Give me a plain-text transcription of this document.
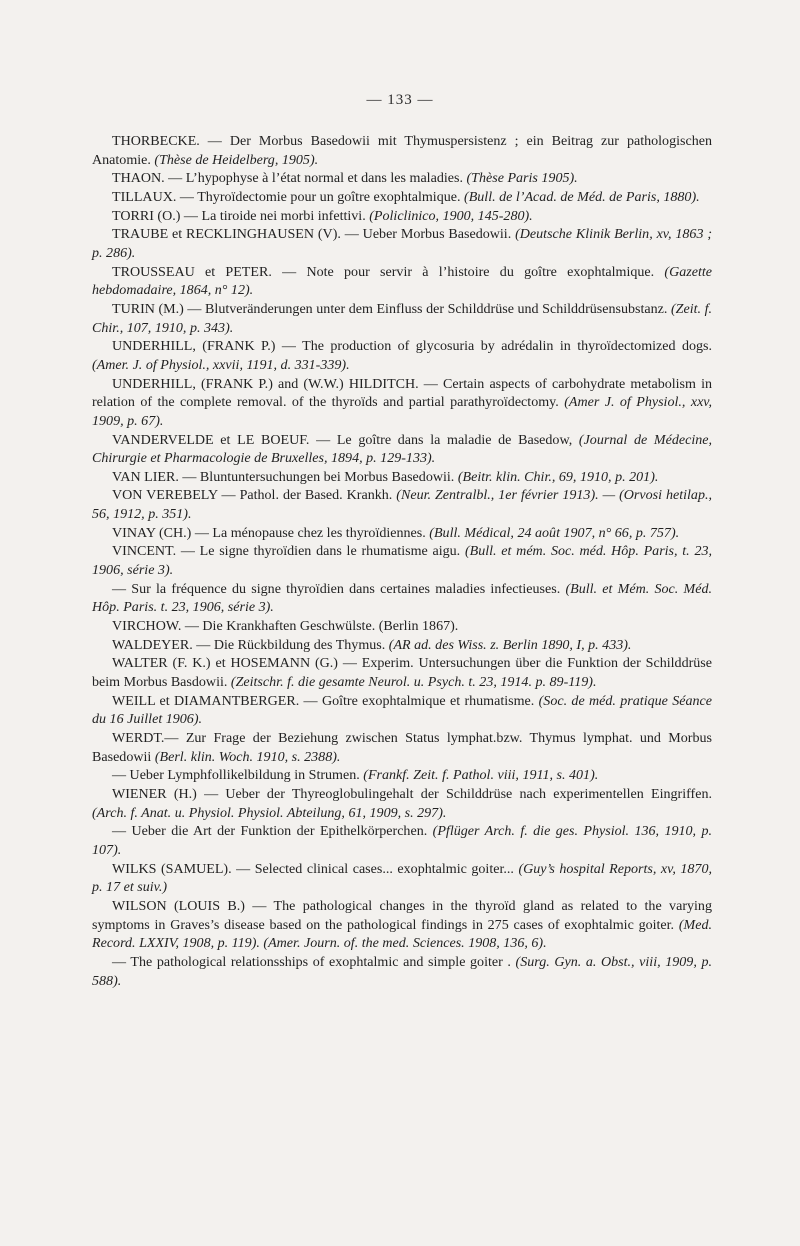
— 133 —

THORBECKE. — Der Morbus Basedowii mit Thymuspersistenz ; ein Beitrag zur pathologischen Anatomie. (Thèse de Heidelberg, 1905).

THAON. — L’hypophyse à l’état normal et dans les maladies. (Thèse Paris 1905).

TILLAUX. — Thyroïdectomie pour un goître exophtalmique. (Bull. de l’Acad. de Méd. de Paris, 1880).

TORRI (O.) — La tiroide nei morbi infettivi. (Policlinico, 1900, 145-280).

TRAUBE et RECKLINGHAUSEN (V). — Ueber Morbus Basedowii. (Deutsche Klinik Berlin, xv, 1863 ; p. 286).

TROUSSEAU et PETER. — Note pour servir à l’histoire du goître exophtalmique. (Gazette hebdomadaire, 1864, n° 12).

TURIN (M.) — Blutveränderungen unter dem Einfluss der Schilddrüse und Schilddrüsensubstanz. (Zeit. f. Chir., 107, 1910, p. 343).

UNDERHILL, (FRANK P.) — The production of glycosuria by adrédalin in thyroïdectomized dogs. (Amer. J. of Physiol., xxvii, 1191, d. 331-339).

UNDERHILL, (FRANK P.) and (W.W.) HILDITCH. — Certain aspects of carbohydrate metabolism in relation of the complete removal. of the thyroïds and partial parathyroïdectomy. (Amer J. of Physiol., xxv, 1909, p. 67).

VANDERVELDE et LE BOEUF. — Le goître dans la maladie de Basedow, (Journal de Médecine, Chirurgie et Pharmacologie de Bruxelles, 1894, p. 129-133).

VAN LIER. — Bluntuntersuchungen bei Morbus Basedowii. (Beitr. klin. Chir., 69, 1910, p. 201).

VON VEREBELY — Pathol. der Based. Krankh. (Neur. Zentralbl., 1er février 1913). — (Orvosi hetilap., 56, 1912, p. 351).

VINAY (CH.) — La ménopause chez les thyroïdiennes. (Bull. Médical, 24 août 1907, n° 66, p. 757).

VINCENT. — Le signe thyroïdien dans le rhumatisme aigu. (Bull. et mém. Soc. méd. Hôp. Paris, t. 23, 1906, série 3).

— Sur la fréquence du signe thyroïdien dans certaines maladies infectieuses. (Bull. et Mém. Soc. Méd. Hôp. Paris. t. 23, 1906, série 3).

VIRCHOW. — Die Krankhaften Geschwülste. (Berlin 1867).

WALDEYER. — Die Rückbildung des Thymus. (AR ad. des Wiss. z. Berlin 1890, I, p. 433).

WALTER (F. K.) et HOSEMANN (G.) — Experim. Untersuchungen über die Funktion der Schilddrüse beim Morbus Basdowii. (Zeitschr. f. die gesamte Neurol. u. Psych. t. 23, 1914. p. 89-119).

WEILL et DIAMANTBERGER. — Goître exophtalmique et rhumatisme. (Soc. de méd. pratique Séance du 16 Juillet 1906).

WERDT.— Zur Frage der Beziehung zwischen Status lymphat.bzw. Thymus lymphat. und Morbus Basedowii (Berl. klin. Woch. 1910, s. 2388).

— Ueber Lymphfollikelbildung in Strumen. (Frankf. Zeit. f. Pathol. viii, 1911, s. 401).

WIENER (H.) — Ueber der Thyreoglobulingehalt der Schilddrüse nach experimentellen Eingriffen. (Arch. f. Anat. u. Physiol. Physiol. Abteilung, 61, 1909, s. 297).

— Ueber die Art der Funktion der Epithelkörperchen. (Pflüger Arch. f. die ges. Physiol. 136, 1910, p. 107).

WILKS (SAMUEL). — Selected clinical cases... exophtalmic goiter... (Guy’s hospital Reports, xv, 1870, p. 17 et suiv.)

WILSON (LOUIS B.) — The pathological changes in the thyroïd gland as related to the varying symptoms in Graves’s disease based on the pathological findings in 275 cases of exophtalmic goiter. (Med. Record. LXXIV, 1908, p. 119). (Amer. Journ. of. the med. Sciences. 1908, 136, 6).

— The pathological relationsships of exophtalmic and simple goiter . (Surg. Gyn. a. Obst., viii, 1909, p. 588).
